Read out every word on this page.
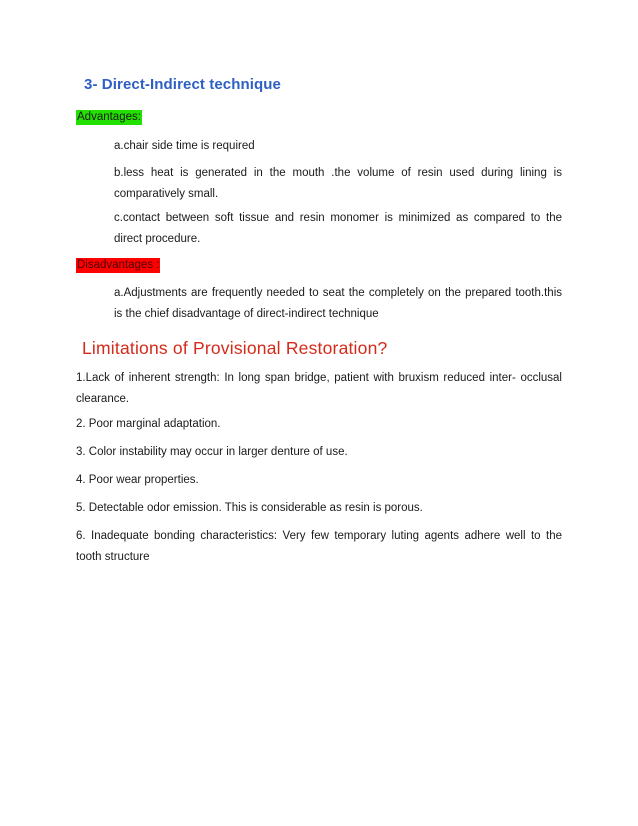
3- Direct-Indirect technique
Advantages:
a.chair side time is required
b.less heat is generated in the mouth .the volume of resin used during lining is comparatively small.
c.contact between soft tissue and resin monomer is minimized as compared to the direct procedure.
Disadvantages :
a.Adjustments are frequently needed to seat the completely on the prepared tooth.this is the chief disadvantage of direct-indirect technique
Limitations of Provisional Restoration?
1.Lack of inherent strength: In long span bridge, patient with bruxism reduced inter- occlusal clearance.
2. Poor marginal adaptation.
3. Color instability may occur in larger denture of use.
4. Poor wear properties.
5. Detectable odor emission. This is considerable as resin is porous.
6. Inadequate bonding characteristics: Very few temporary luting agents adhere well to the tooth structure
